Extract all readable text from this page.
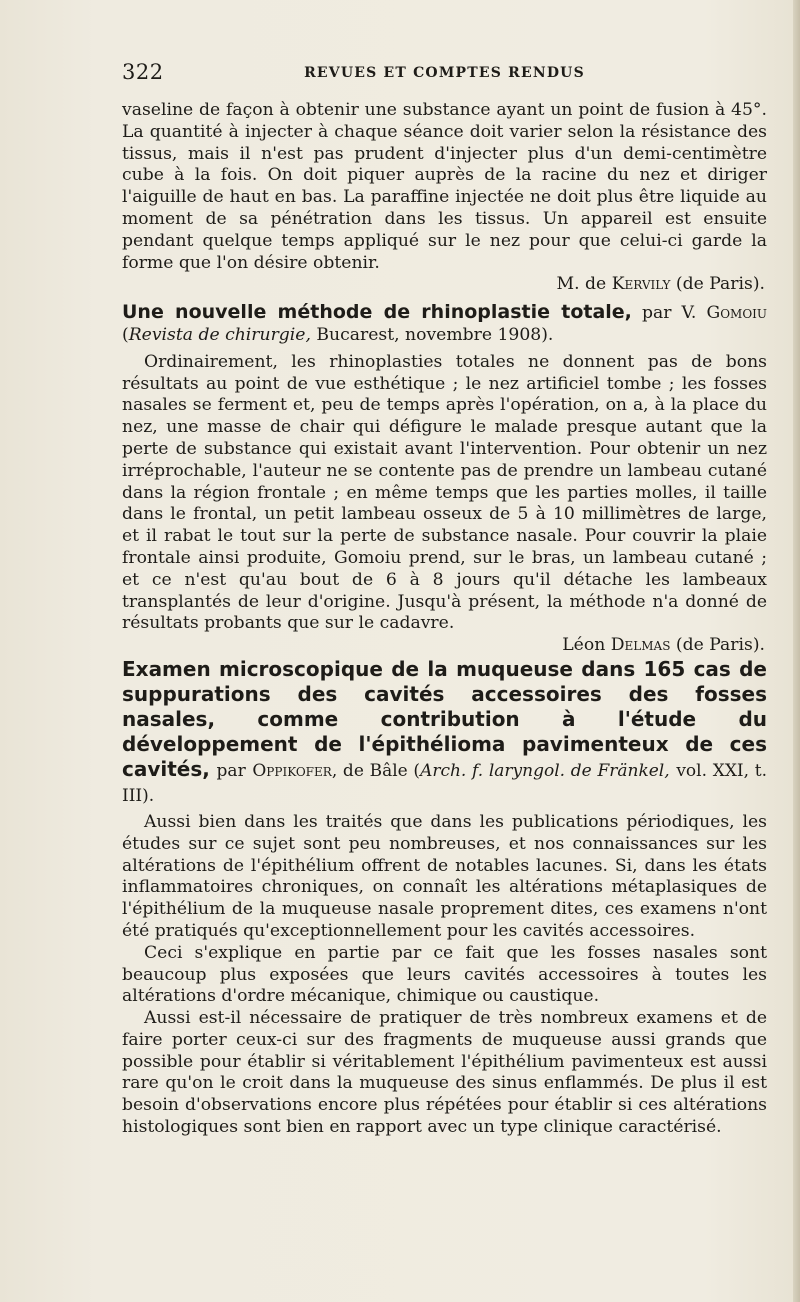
322	REVUES ET COMPTES RENDUS

vaseline de façon à obtenir une substance ayant un point de fusion à 45°. La quantité à injecter à chaque séance doit varier selon la résistance des tissus, mais il n'est pas prudent d'injecter plus d'un demi-centimètre cube à la fois. On doit piquer auprès de la racine du nez et diriger l'aiguille de haut en bas. La paraffine injectée ne doit plus être liquide au moment de sa pénétration dans les tissus. Un appareil est ensuite pendant quelque temps appliqué sur le nez pour que celui-ci garde la forme que l'on désire obtenir.

M. de Kervily (de Paris).

Une nouvelle méthode de rhinoplastie totale, par V. Gomoiu (Revista de chirurgie, Bucarest, novembre 1908).

Ordinairement, les rhinoplasties totales ne donnent pas de bons résultats au point de vue esthétique ; le nez artificiel tombe ; les fosses nasales se ferment et, peu de temps après l'opération, on a, à la place du nez, une masse de chair qui défigure le malade presque autant que la perte de substance qui existait avant l'intervention. Pour obtenir un nez irréprochable, l'auteur ne se contente pas de prendre un lambeau cutané dans la région frontale ; en même temps que les parties molles, il taille dans le frontal, un petit lambeau osseux de 5 à 10 millimètres de large, et il rabat le tout sur la perte de substance nasale. Pour couvrir la plaie frontale ainsi produite, Gomoiu prend, sur le bras, un lambeau cutané ; et ce n'est qu'au bout de 6 à 8 jours qu'il détache les lambeaux transplantés de leur d'origine. Jusqu'à présent, la méthode n'a donné de résultats probants que sur le cadavre.

Léon Delmas (de Paris).

Examen microscopique de la muqueuse dans 165 cas de suppurations des cavités accessoires des fosses nasales, comme contribution à l'étude du développement de l'épithélioma pavimenteux de ces cavités, par Oppikofer, de Bâle (Arch. f. laryngol. de Fränkel, vol. XXI, t. III).

Aussi bien dans les traités que dans les publications périodiques, les études sur ce sujet sont peu nombreuses, et nos connaissances sur les altérations de l'épithélium offrent de notables lacunes. Si, dans les états inflammatoires chroniques, on connaît les altérations métaplasiques de l'épithélium de la muqueuse nasale proprement dites, ces examens n'ont été pratiqués qu'exceptionnellement pour les cavités accessoires.

Ceci s'explique en partie par ce fait que les fosses nasales sont beaucoup plus exposées que leurs cavités accessoires à toutes les altérations d'ordre mécanique, chimique ou caustique.

Aussi est-il nécessaire de pratiquer de très nombreux examens et de faire porter ceux-ci sur des fragments de muqueuse aussi grands que possible pour établir si véritablement l'épithélium pavimenteux est aussi rare qu'on le croit dans la muqueuse des sinus enflammés. De plus il est besoin d'observations encore plus répétées pour établir si ces altérations histologiques sont bien en rapport avec un type clinique caractérisé.
